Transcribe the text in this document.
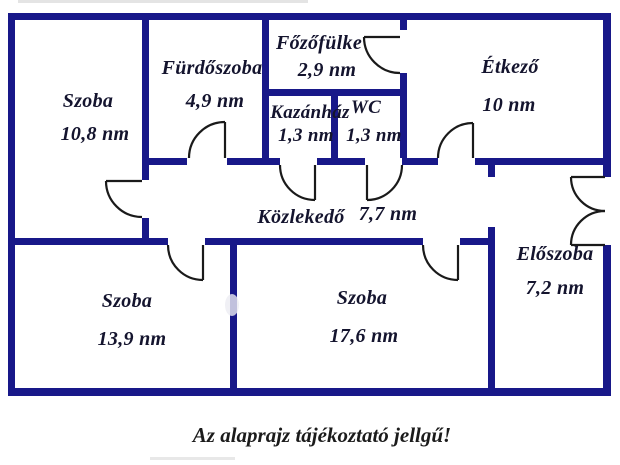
Szoba
10,8 nm
Fürdőszoba
4,9 nm
Főzőfülke
2,9 nm
Kazánház
1,3 nm
WC
1,3 nm
Étkező
10 nm
Közlekedő 7,7 nm
Előszoba
7,2 nm
Szoba
13,9 nm
Szoba
17,6 nm
Az alaprajz tájékoztató jellgű!
